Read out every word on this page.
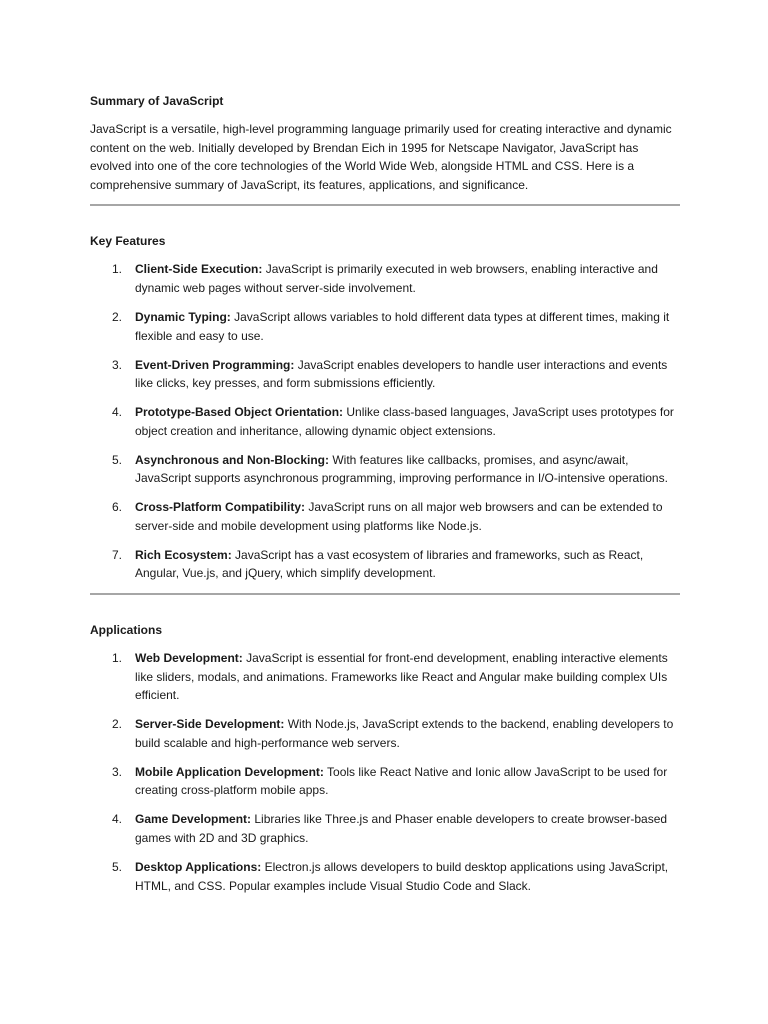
Summary of JavaScript

JavaScript is a versatile, high-level programming language primarily used for creating interactive and dynamic content on the web. Initially developed by Brendan Eich in 1995 for Netscape Navigator, JavaScript has evolved into one of the core technologies of the World Wide Web, alongside HTML and CSS. Here is a comprehensive summary of JavaScript, its features, applications, and significance.

Key Features

1. Client-Side Execution: JavaScript is primarily executed in web browsers, enabling interactive and dynamic web pages without server-side involvement.
2. Dynamic Typing: JavaScript allows variables to hold different data types at different times, making it flexible and easy to use.
3. Event-Driven Programming: JavaScript enables developers to handle user interactions and events like clicks, key presses, and form submissions efficiently.
4. Prototype-Based Object Orientation: Unlike class-based languages, JavaScript uses prototypes for object creation and inheritance, allowing dynamic object extensions.
5. Asynchronous and Non-Blocking: With features like callbacks, promises, and async/await, JavaScript supports asynchronous programming, improving performance in I/O-intensive operations.
6. Cross-Platform Compatibility: JavaScript runs on all major web browsers and can be extended to server-side and mobile development using platforms like Node.js.
7. Rich Ecosystem: JavaScript has a vast ecosystem of libraries and frameworks, such as React, Angular, Vue.js, and jQuery, which simplify development.

Applications

1. Web Development: JavaScript is essential for front-end development, enabling interactive elements like sliders, modals, and animations. Frameworks like React and Angular make building complex UIs efficient.
2. Server-Side Development: With Node.js, JavaScript extends to the backend, enabling developers to build scalable and high-performance web servers.
3. Mobile Application Development: Tools like React Native and Ionic allow JavaScript to be used for creating cross-platform mobile apps.
4. Game Development: Libraries like Three.js and Phaser enable developers to create browser-based games with 2D and 3D graphics.
5. Desktop Applications: Electron.js allows developers to build desktop applications using JavaScript, HTML, and CSS. Popular examples include Visual Studio Code and Slack.
